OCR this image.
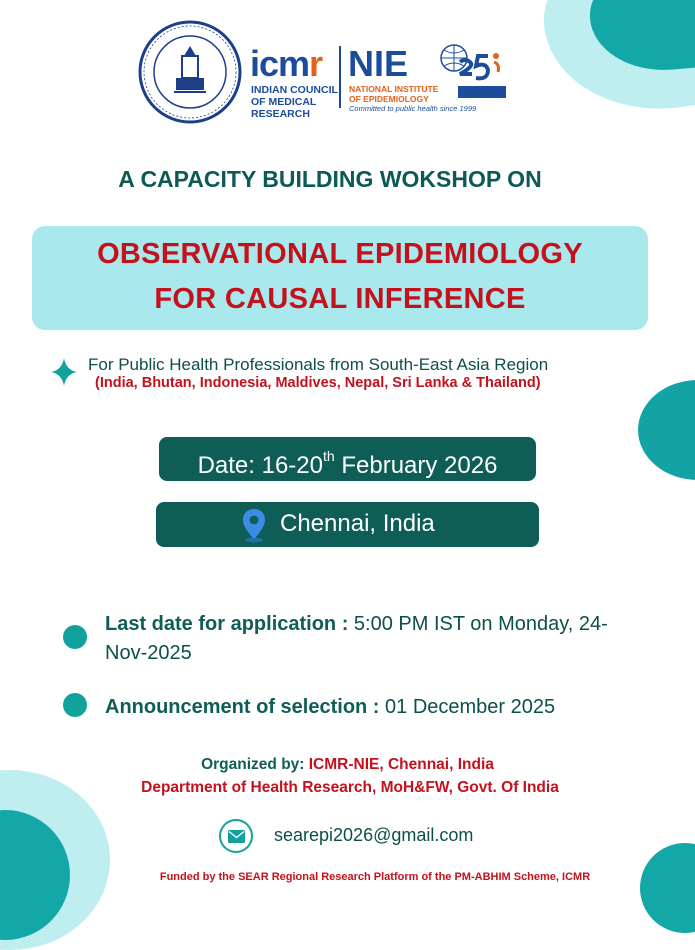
icmr
INDIAN COUNCIL OF MEDICAL RESEARCH
NIE
NATIONAL INSTITUTE OF EPIDEMIOLOGY
Committed to public health since 1999
A CAPACITY BUILDING WOKSHOP ON
OBSERVATIONAL EPIDEMIOLOGY
FOR CAUSAL INFERENCE
For Public Health Professionals from South-East Asia Region
(India, Bhutan, Indonesia, Maldives, Nepal, Sri Lanka & Thailand)
Date: 16-20th February 2026
Chennai, India
Last date for application : 5:00 PM IST on Monday, 24-Nov-2025
Announcement of selection : 01 December 2025
Organized by: ICMR-NIE, Chennai, India
Department of Health Research, MoH&FW, Govt. Of India
searepi2026@gmail.com
Funded by the SEAR Regional Research Platform of the PM-ABHIM Scheme, ICMR
